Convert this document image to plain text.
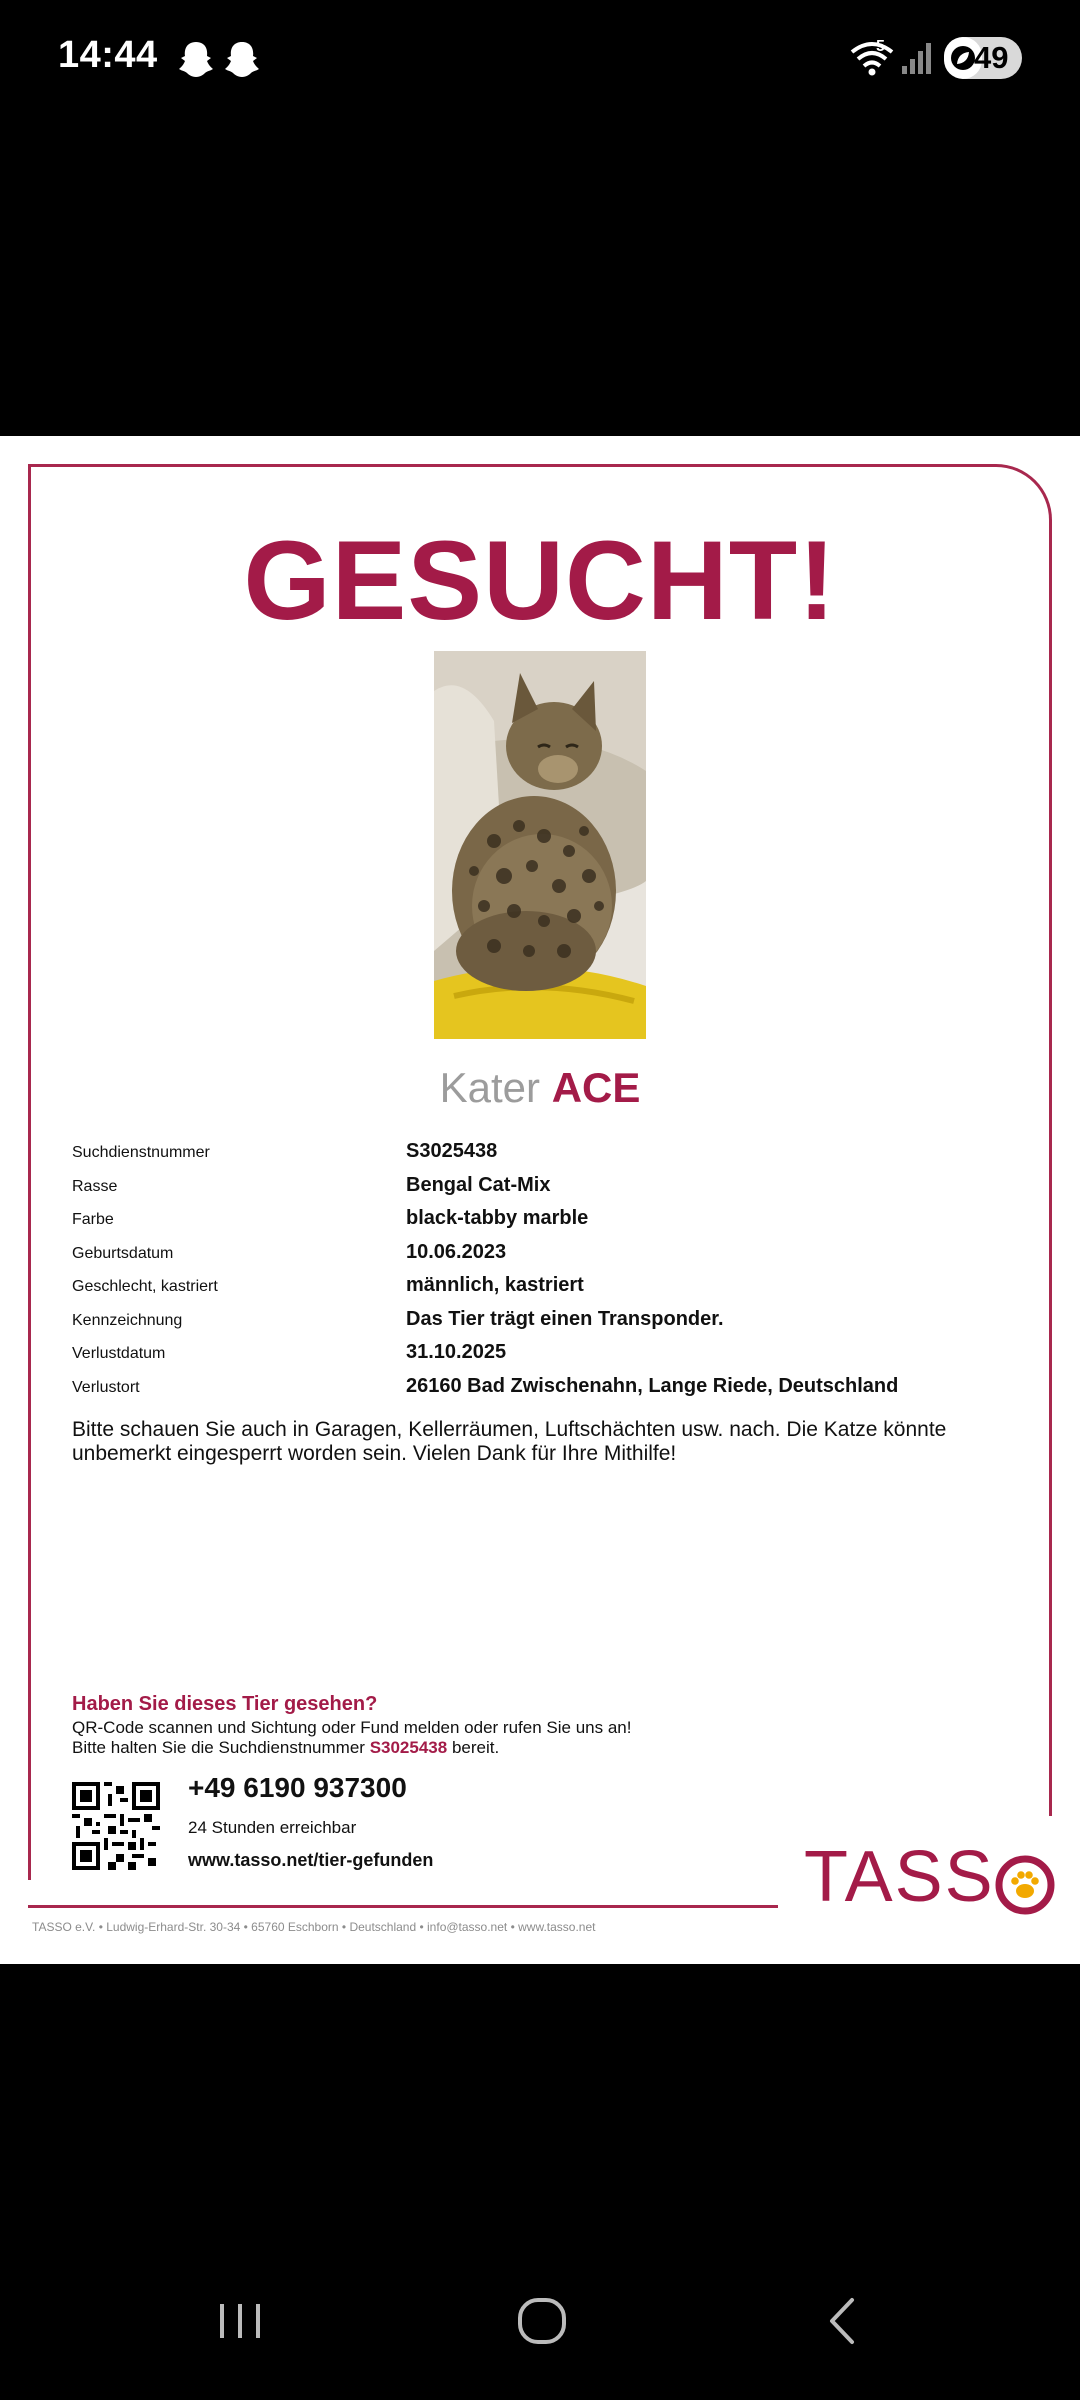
14:44	5	49
GESUCHT!
Kater ACE
Suchdienstnummer	S3025438
Rasse	Bengal Cat-Mix
Farbe	black-tabby marble
Geburtsdatum	10.06.2023
Geschlecht, kastriert	männlich, kastriert
Kennzeichnung	Das Tier trägt einen Transponder.
Verlustdatum	31.10.2025
Verlustort	26160 Bad Zwischenahn, Lange Riede, Deutschland
Bitte schauen Sie auch in Garagen, Kellerräumen, Luftschächten usw. nach. Die Katze könnte
unbemerkt eingesperrt worden sein. Vielen Dank für Ihre Mithilfe!
Haben Sie dieses Tier gesehen?
QR-Code scannen und Sichtung oder Fund melden oder rufen Sie uns an!
Bitte halten Sie die Suchdienstnummer S3025438 bereit.
+49 6190 937300
24 Stunden erreichbar
www.tasso.net/tier-gefunden	TASS
TASSO e.V. • Ludwig-Erhard-Str. 30-34 • 65760 Eschborn • Deutschland • info@tasso.net • www.tasso.net
